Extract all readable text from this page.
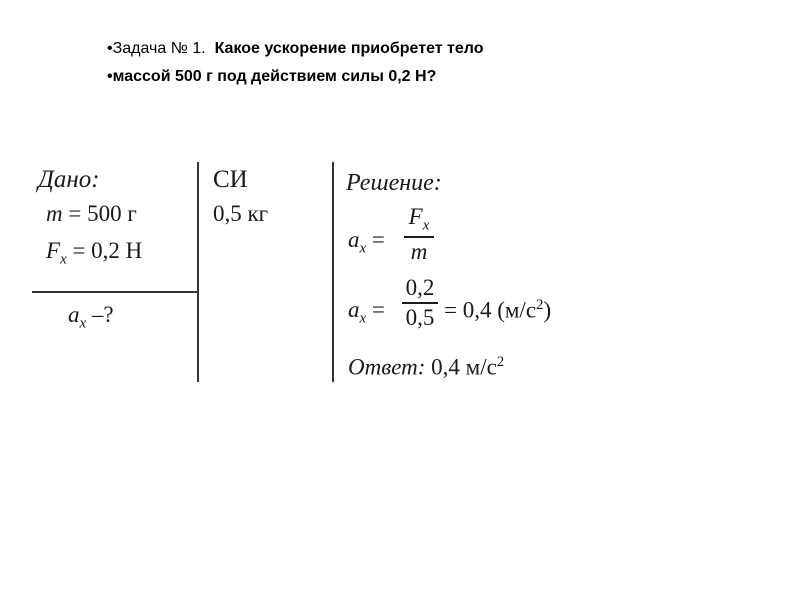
•Задача № 1. Какое ускорение приобретет тело
•массой 500 г под действием силы 0,2 Н?
Дано:
m = 500 г
$F_x = 0,2$ Н
$a_x$ –?
СИ
0,5 кг
Решение:
$a_x$ =
$F_x$
m
$a_x$ =
0,2
0,5 = 0,4 $(м/с^2)$
Ответ: 0,4 $м/с^2$
